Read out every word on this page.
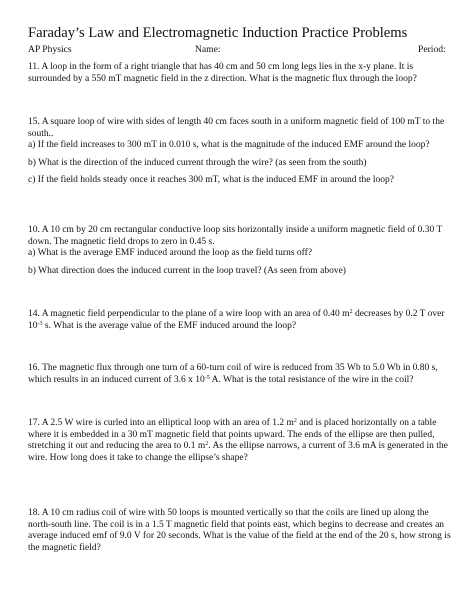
Faraday’s Law and Electromagnetic Induction Practice Problems
AP Physics	Name:	Period:

11. A loop in the form of a right triangle that has 40 cm and 50 cm long legs lies in the x-y plane. It is surrounded by a 550 mT magnetic field in the z direction. What is the magnetic flux through the loop?

15. A square loop of wire with sides of length 40 cm faces south in a uniform magnetic field of 100 mT to the south..

a) If the field increases to 300 mT in 0.010 s, what is the magnitude of the induced EMF around the loop?

b) What is the direction of the induced current through the wire? (as seen from the south)

c) If the field holds steady once it reaches 300 mT, what is the induced EMF in around the loop?

10. A 10 cm by 20 cm rectangular conductive loop sits horizontally inside a uniform magnetic field of 0.30 T down. The magnetic field drops to zero in 0.45 s.

a) What is the average EMF induced around the loop as the field turns off?

b) What direction does the induced current in the loop travel? (As seen from above)

14. A magnetic field perpendicular to the plane of a wire loop with an area of 0.40 $m^2$ decreases by 0.2 T over $10^{-3}$ s. What is the average value of the EMF induced around the loop?

16. The magnetic flux through one turn of a 60-turn coil of wire is reduced from 35 Wb to 5.0 Wb in 0.80 s, which results in an induced current of 3.6 x $10^{-5}$ A. What is the total resistance of the wire in the coil?

17. A 2.5 W wire is curled into an elliptical loop with an area of 1.2 $m^2$ and is placed horizontally on a table where it is embedded in a 30 mT magnetic field that points upward. The ends of the ellipse are then pulled, stretching it out and reducing the area to 0.1 $m^2$. As the ellipse narrows, a current of 3.6 mA is generated in the wire. How long does it take to change the ellipse’s shape?

18. A 10 cm radius coil of wire with 50 loops is mounted vertically so that the coils are lined up along the north-south line. The coil is in a 1.5 T magnetic field that points east, which begins to decrease and creates an average induced emf of 9.0 V for 20 seconds. What is the value of the field at the end of the 20 s, how strong is the magnetic field?
